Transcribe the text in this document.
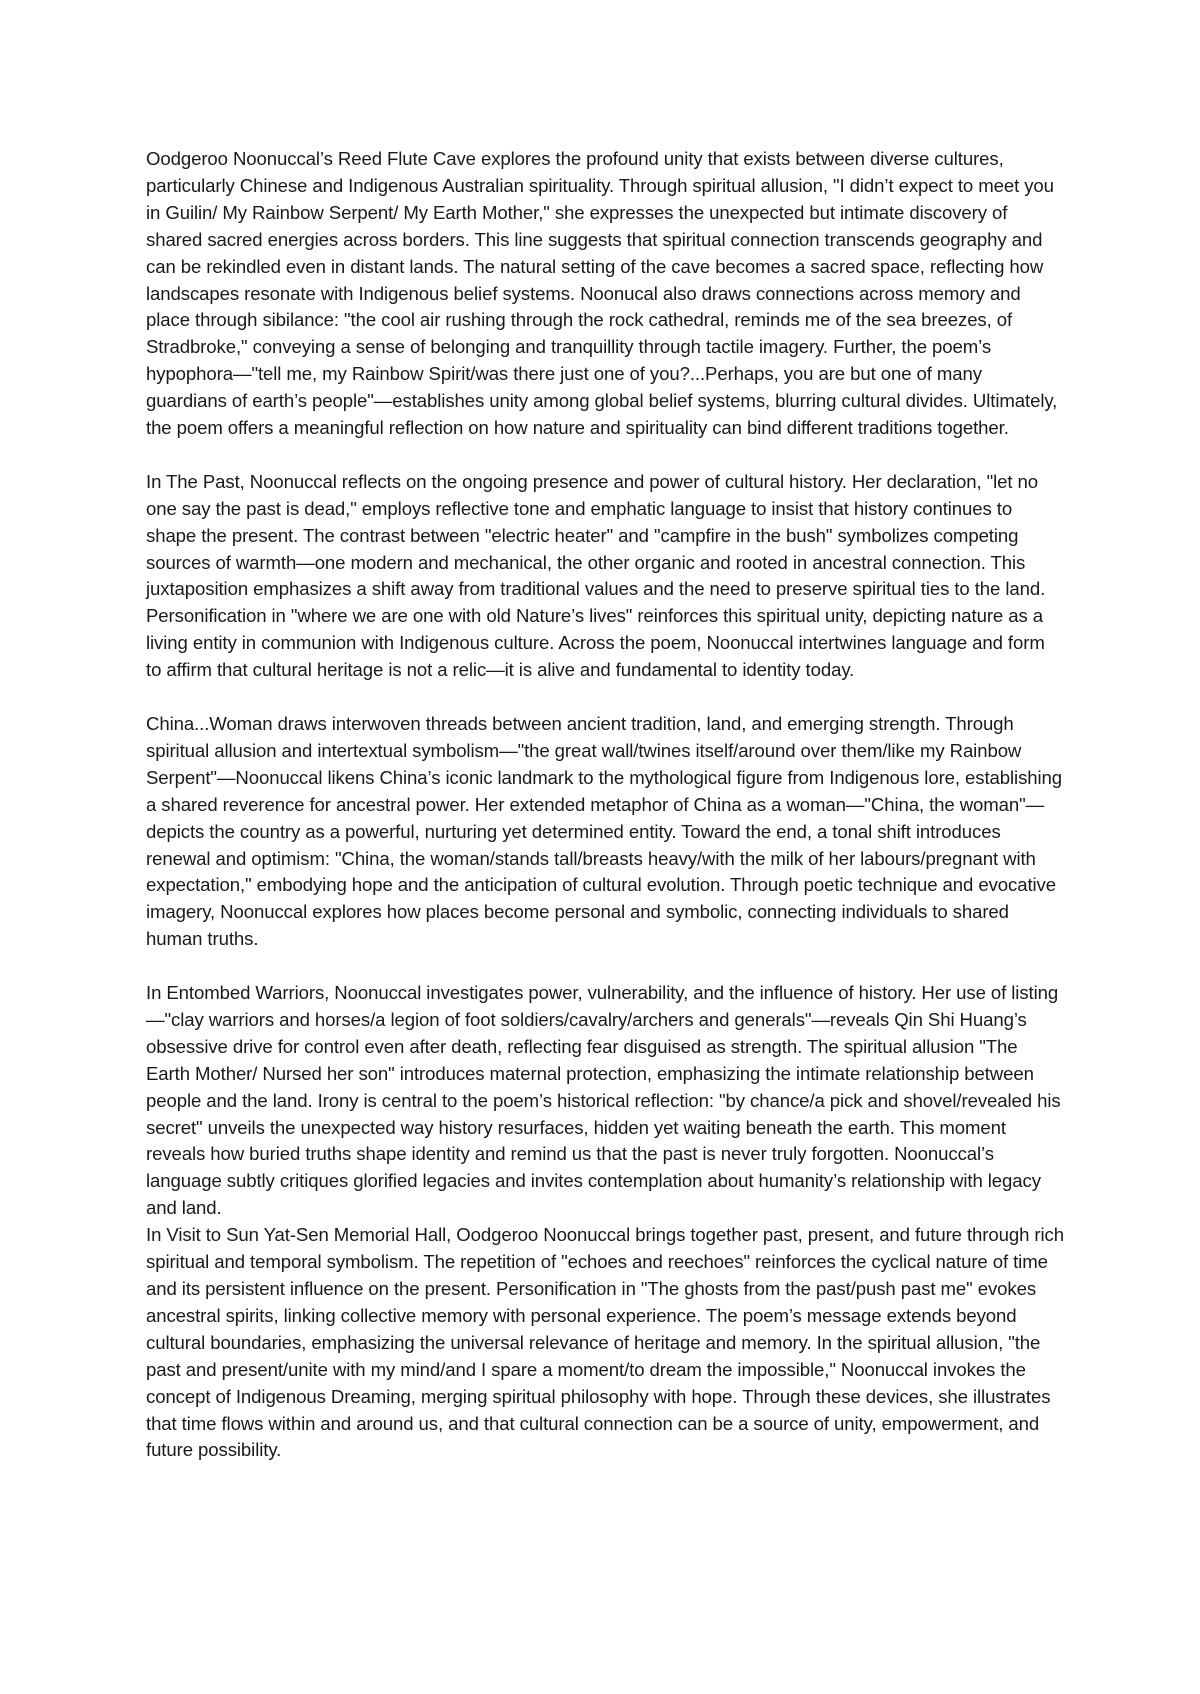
Oodgeroo Noonuccal’s Reed Flute Cave explores the profound unity that exists between diverse cultures, particularly Chinese and Indigenous Australian spirituality. Through spiritual allusion, "I didn’t expect to meet you in Guilin/ My Rainbow Serpent/ My Earth Mother," she expresses the unexpected but intimate discovery of shared sacred energies across borders. This line suggests that spiritual connection transcends geography and can be rekindled even in distant lands. The natural setting of the cave becomes a sacred space, reflecting how landscapes resonate with Indigenous belief systems. Noonucal also draws connections across memory and place through sibilance: "the cool air rushing through the rock cathedral, reminds me of the sea breezes, of Stradbroke," conveying a sense of belonging and tranquillity through tactile imagery. Further, the poem’s hypophora—"tell me, my Rainbow Spirit/was there just one of you?...Perhaps, you are but one of many guardians of earth’s people"—establishes unity among global belief systems, blurring cultural divides. Ultimately, the poem offers a meaningful reflection on how nature and spirituality can bind different traditions together.

In The Past, Noonuccal reflects on the ongoing presence and power of cultural history. Her declaration, "let no one say the past is dead," employs reflective tone and emphatic language to insist that history continues to shape the present. The contrast between "electric heater" and "campfire in the bush" symbolizes competing sources of warmth—one modern and mechanical, the other organic and rooted in ancestral connection. This juxtaposition emphasizes a shift away from traditional values and the need to preserve spiritual ties to the land. Personification in "where we are one with old Nature’s lives" reinforces this spiritual unity, depicting nature as a living entity in communion with Indigenous culture. Across the poem, Noonuccal intertwines language and form to affirm that cultural heritage is not a relic—it is alive and fundamental to identity today.

China...Woman draws interwoven threads between ancient tradition, land, and emerging strength. Through spiritual allusion and intertextual symbolism—"the great wall/twines itself/around over them/like my Rainbow Serpent"—Noonuccal likens China’s iconic landmark to the mythological figure from Indigenous lore, establishing a shared reverence for ancestral power. Her extended metaphor of China as a woman—"China, the woman"—depicts the country as a powerful, nurturing yet determined entity. Toward the end, a tonal shift introduces renewal and optimism: "China, the woman/stands tall/breasts heavy/with the milk of her labours/pregnant with expectation," embodying hope and the anticipation of cultural evolution. Through poetic technique and evocative imagery, Noonuccal explores how places become personal and symbolic, connecting individuals to shared human truths.

In Entombed Warriors, Noonuccal investigates power, vulnerability, and the influence of history. Her use of listing—"clay warriors and horses/a legion of foot soldiers/cavalry/archers and generals"—reveals Qin Shi Huang’s obsessive drive for control even after death, reflecting fear disguised as strength. The spiritual allusion "The Earth Mother/ Nursed her son" introduces maternal protection, emphasizing the intimate relationship between people and the land. Irony is central to the poem’s historical reflection: "by chance/a pick and shovel/revealed his secret" unveils the unexpected way history resurfaces, hidden yet waiting beneath the earth. This moment reveals how buried truths shape identity and remind us that the past is never truly forgotten. Noonuccal’s language subtly critiques glorified legacies and invites contemplation about humanity’s relationship with legacy and land.

In Visit to Sun Yat-Sen Memorial Hall, Oodgeroo Noonuccal brings together past, present, and future through rich spiritual and temporal symbolism. The repetition of "echoes and reechoes" reinforces the cyclical nature of time and its persistent influence on the present. Personification in "The ghosts from the past/push past me" evokes ancestral spirits, linking collective memory with personal experience. The poem’s message extends beyond cultural boundaries, emphasizing the universal relevance of heritage and memory. In the spiritual allusion, "the past and present/unite with my mind/and I spare a moment/to dream the impossible," Noonuccal invokes the concept of Indigenous Dreaming, merging spiritual philosophy with hope. Through these devices, she illustrates that time flows within and around us, and that cultural connection can be a source of unity, empowerment, and future possibility.
